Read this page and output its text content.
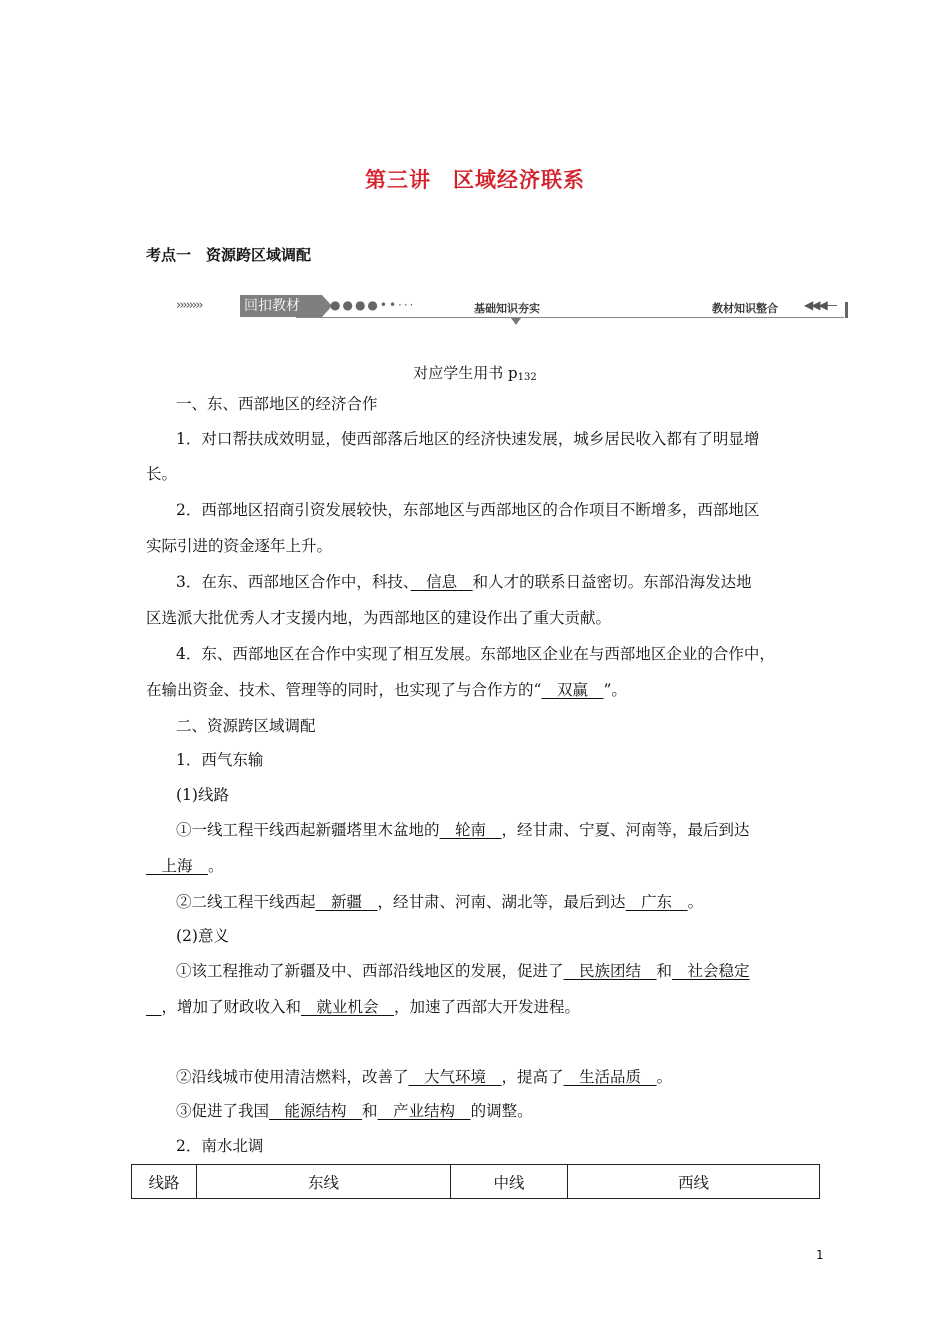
第三讲　区域经济联系
考点一　资源跨区域调配
››››››››	回扣教材	●●●●••···	基础知识夯实	教材知识整合 ◀◀◀—
对应学生用书 $p_{132}$
一、东、西部地区的经济合作
1．对口帮扶成效明显，使西部落后地区的经济快速发展，城乡居民收入都有了明显增
长。
2．西部地区招商引资发展较快，东部地区与西部地区的合作项目不断增多，西部地区
实际引进的资金逐年上升。
3．在东、西部地区合作中，科技、　信息　和人才的联系日益密切。东部沿海发达地
区选派大批优秀人才支援内地，为西部地区的建设作出了重大贡献。
4．东、西部地区在合作中实现了相互发展。东部地区企业在与西部地区企业的合作中，
在输出资金、技术、管理等的同时，也实现了与合作方的“　双赢　”。
二、资源跨区域调配
1．西气东输
(1)线路
①一线工程干线西起新疆塔里木盆地的　轮南　，经甘肃、宁夏、河南等，最后到达
　上海　。
②二线工程干线西起　新疆　，经甘肃、河南、湖北等，最后到达　广东　。
(2)意义
①该工程推动了新疆及中、西部沿线地区的发展，促进了　民族团结　和　社会稳定
　，增加了财政收入和　就业机会　，加速了西部大开发进程。
②沿线城市使用清洁燃料，改善了　大气环境　，提高了　生活品质　。
③促进了我国　能源结构　和　产业结构　的调整。
2．南水北调
线路	东线	中线	西线
1
